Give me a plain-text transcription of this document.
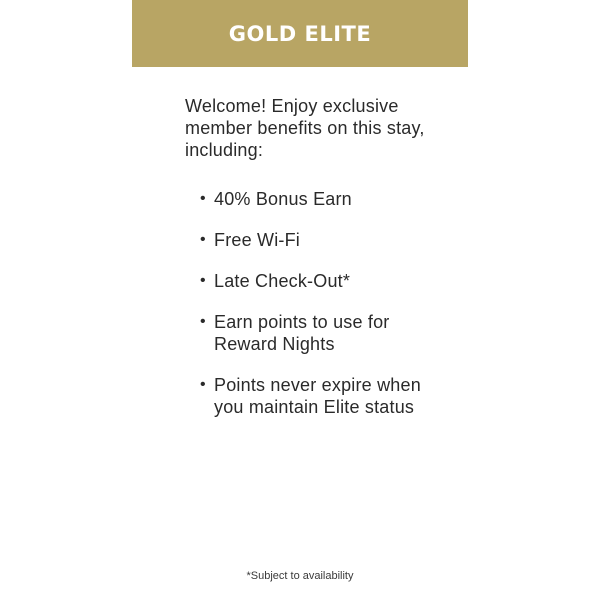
GOLD ELITE

Welcome! Enjoy exclusive member benefits on this stay, including:

• 40% Bonus Earn
• Free Wi-Fi
• Late Check-Out*
• Earn points to use for Reward Nights
• Points never expire when you maintain Elite status
*Subject to availability
